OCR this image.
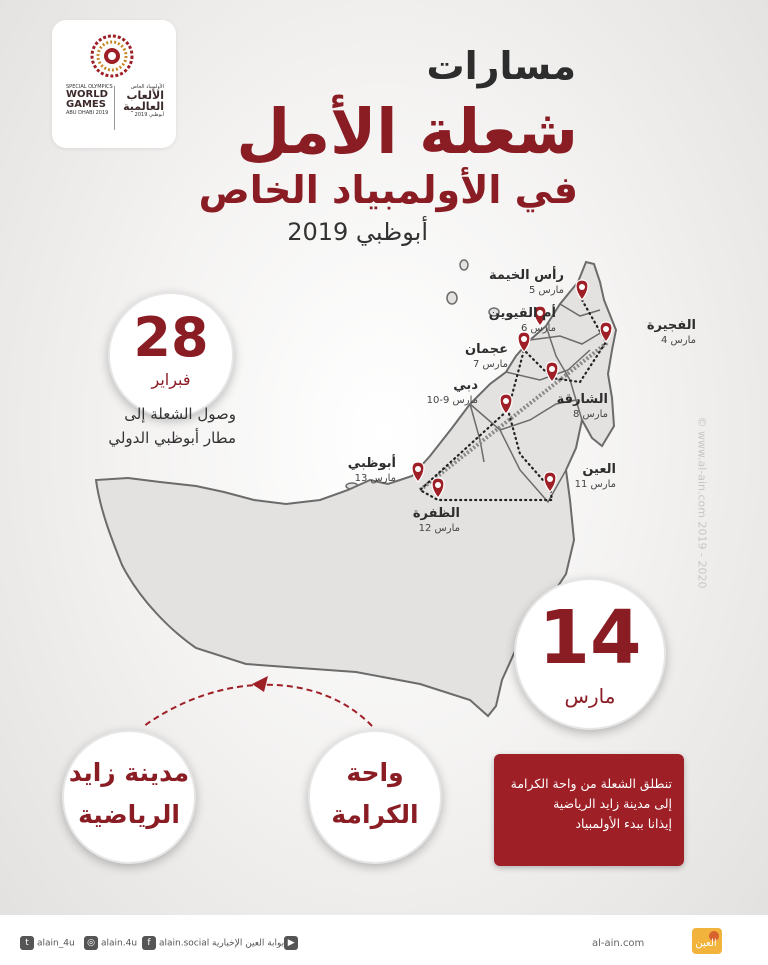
SPECIAL OLYMPICS
WORLD
GAMES
ABU DHABI 2019
الأولمبياد الخاص
الألعاب
العالمية
أبوظبي 2019
مسارات
شعلة الأمل
في الأولمبياد الخاص
أبوظبي 2019
رأس الخيمة
مارس 5
أم القيوين
مارس 6	الفجيرة
مارس 4
عجمان
مارس 7
دبي
مارس 9-10	الشارقة
مارس 8
العين
مارس 11
أبوظبي
مارس 13
الظفرة
مارس 12
28
فبراير
وصول الشعلة إلى
مطار أبوظبي الدولي
14
مارس
واحة
الكرامة
مدينة زايد
الرياضية
تنطلق الشعلة من واحة الكرامة
إلى مدينة زايد الرياضية
إيذانا ببدء الأولمبياد
© www.al-ain.com 2019 - 2020
t alain_4u	◎ alain.4u	f alain.social	▶بوابة العين الإخبارية	al-ain.com	العين
